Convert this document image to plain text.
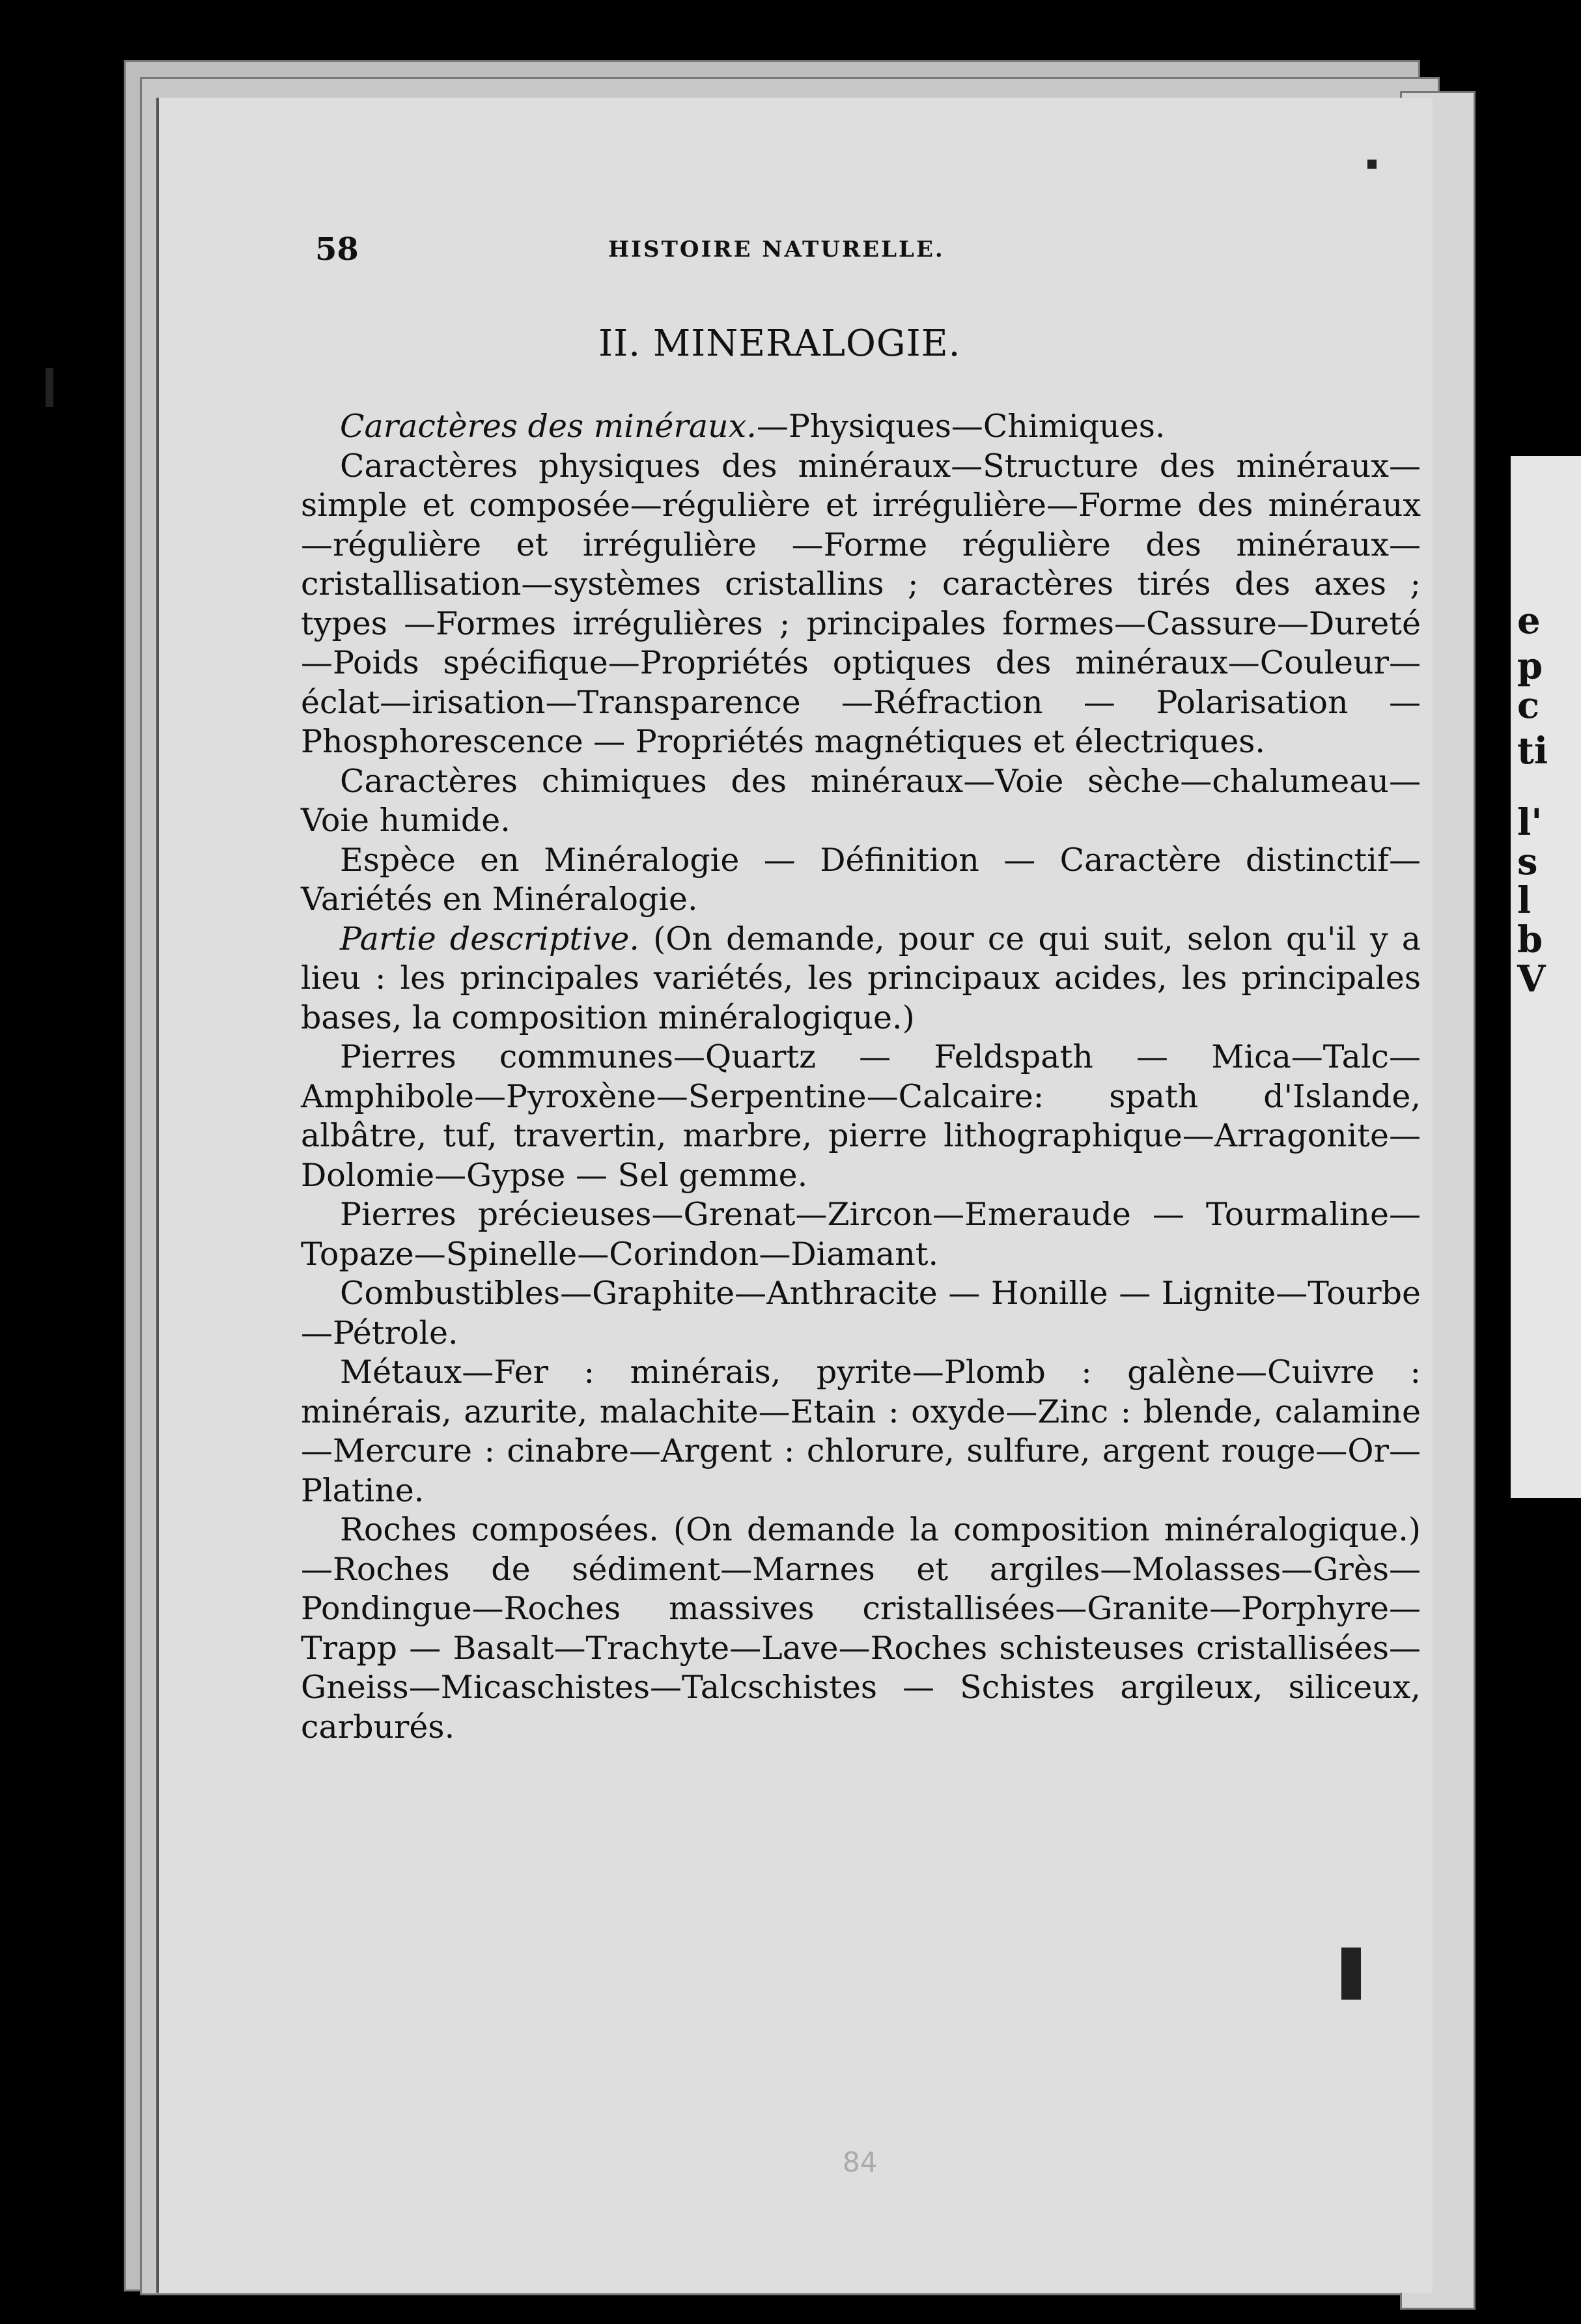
e
p
c
ti
l'
s
l
b
V
58	HISTOIRE NATURELLE.
II. MINERALOGIE.

Caractères des minéraux.—Physiques—Chimiques.

Caractères physiques des minéraux—Structure des minéraux—simple et composée—régulière et irrégulière—Forme des minéraux—régulière et irrégulière —Forme régulière des minéraux—cristallisation—systèmes cristallins ; caractères tirés des axes ; types —Formes irrégulières ; principales formes—Cassure—Dureté—Poids spécifique—Propriétés optiques des minéraux—Couleur—éclat—irisation—Transparence —Réfraction — Polarisation — Phosphorescence — Propriétés magnétiques et électriques.

Caractères chimiques des minéraux—Voie sèche—chalumeau—Voie humide.

Espèce en Minéralogie — Définition — Caractère distinctif—Variétés en Minéralogie.

Partie descriptive. (On demande, pour ce qui suit, selon qu'il y a lieu : les principales variétés, les principaux acides, les principales bases, la composition minéralogique.)

Pierres communes—Quartz — Feldspath — Mica—Talc—Amphibole—Pyroxène—Serpentine—Calcaire: spath d'Islande, albâtre, tuf, travertin, marbre, pierre lithographique—Arragonite—Dolomie—Gypse — Sel gemme.

Pierres précieuses—Grenat—Zircon—Emeraude — Tourmaline—Topaze—Spinelle—Corindon—Diamant.

Combustibles—Graphite—Anthracite — Honille — Lignite—Tourbe—Pétrole.

Métaux—Fer : minérais, pyrite—Plomb : galène—Cuivre : minérais, azurite, malachite—Etain : oxyde—Zinc : blende, calamine—Mercure : cinabre—Argent : chlorure, sulfure, argent rouge—Or—Platine.

Roches composées. (On demande la composition minéralogique.)—Roches de sédiment—Marnes et argiles—Molasses—Grès—Pondingue—Roches massives cristallisées—Granite—Porphyre—Trapp — Basalt—Trachyte—Lave—Roches schisteuses cristallisées—Gneiss—Micaschistes—Talcschistes — Schistes argileux, siliceux, carburés.

84
